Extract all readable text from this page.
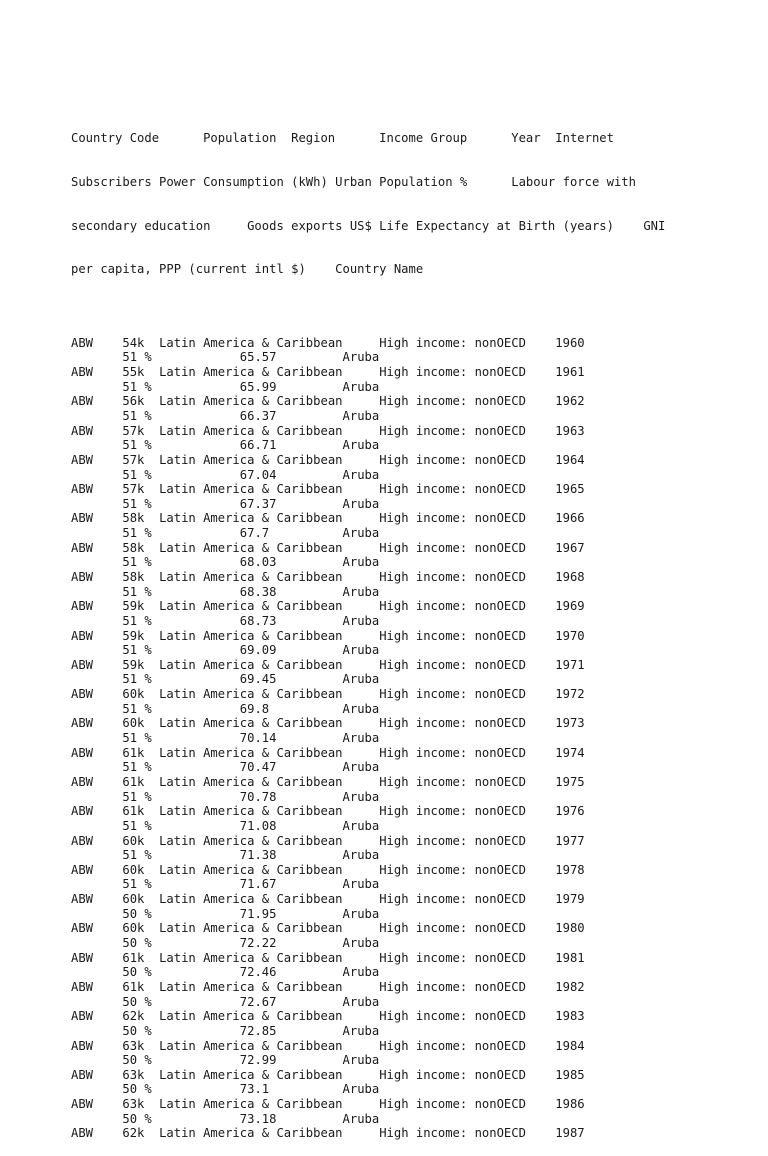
Country Code      Population  Region      Income Group      Year  Internet

Subscribers Power Consumption (kWh) Urban Population %      Labour force with

secondary education     Goods exports US$ Life Expectancy at Birth (years)    GNI

per capita, PPP (current intl $)    Country Name

ABW    54k  Latin America & Caribbean     High income: nonOECD    1960
51 %            65.57         Aruba
ABW    55k  Latin America & Caribbean     High income: nonOECD    1961
51 %            65.99         Aruba
ABW    56k  Latin America & Caribbean     High income: nonOECD    1962
51 %            66.37         Aruba
ABW    57k  Latin America & Caribbean     High income: nonOECD    1963
51 %            66.71         Aruba
ABW    57k  Latin America & Caribbean     High income: nonOECD    1964
51 %            67.04         Aruba
ABW    57k  Latin America & Caribbean     High income: nonOECD    1965
51 %            67.37         Aruba
ABW    58k  Latin America & Caribbean     High income: nonOECD    1966
51 %            67.7          Aruba
ABW    58k  Latin America & Caribbean     High income: nonOECD    1967
51 %            68.03         Aruba
ABW    58k  Latin America & Caribbean     High income: nonOECD    1968
51 %            68.38         Aruba
ABW    59k  Latin America & Caribbean     High income: nonOECD    1969
51 %            68.73         Aruba
ABW    59k  Latin America & Caribbean     High income: nonOECD    1970
51 %            69.09         Aruba
ABW    59k  Latin America & Caribbean     High income: nonOECD    1971
51 %            69.45         Aruba
ABW    60k  Latin America & Caribbean     High income: nonOECD    1972
51 %            69.8          Aruba
ABW    60k  Latin America & Caribbean     High income: nonOECD    1973
51 %            70.14         Aruba
ABW    61k  Latin America & Caribbean     High income: nonOECD    1974
51 %            70.47         Aruba
ABW    61k  Latin America & Caribbean     High income: nonOECD    1975
51 %            70.78         Aruba
ABW    61k  Latin America & Caribbean     High income: nonOECD    1976
51 %            71.08         Aruba
ABW    60k  Latin America & Caribbean     High income: nonOECD    1977
51 %            71.38         Aruba
ABW    60k  Latin America & Caribbean     High income: nonOECD    1978
51 %            71.67         Aruba
ABW    60k  Latin America & Caribbean     High income: nonOECD    1979
50 %            71.95         Aruba
ABW    60k  Latin America & Caribbean     High income: nonOECD    1980
50 %            72.22         Aruba
ABW    61k  Latin America & Caribbean     High income: nonOECD    1981
50 %            72.46         Aruba
ABW    61k  Latin America & Caribbean     High income: nonOECD    1982
50 %            72.67         Aruba
ABW    62k  Latin America & Caribbean     High income: nonOECD    1983
50 %            72.85         Aruba
ABW    63k  Latin America & Caribbean     High income: nonOECD    1984
50 %            72.99         Aruba
ABW    63k  Latin America & Caribbean     High income: nonOECD    1985
50 %            73.1          Aruba
ABW    63k  Latin America & Caribbean     High income: nonOECD    1986
50 %            73.18         Aruba
ABW    62k  Latin America & Caribbean     High income: nonOECD    1987
